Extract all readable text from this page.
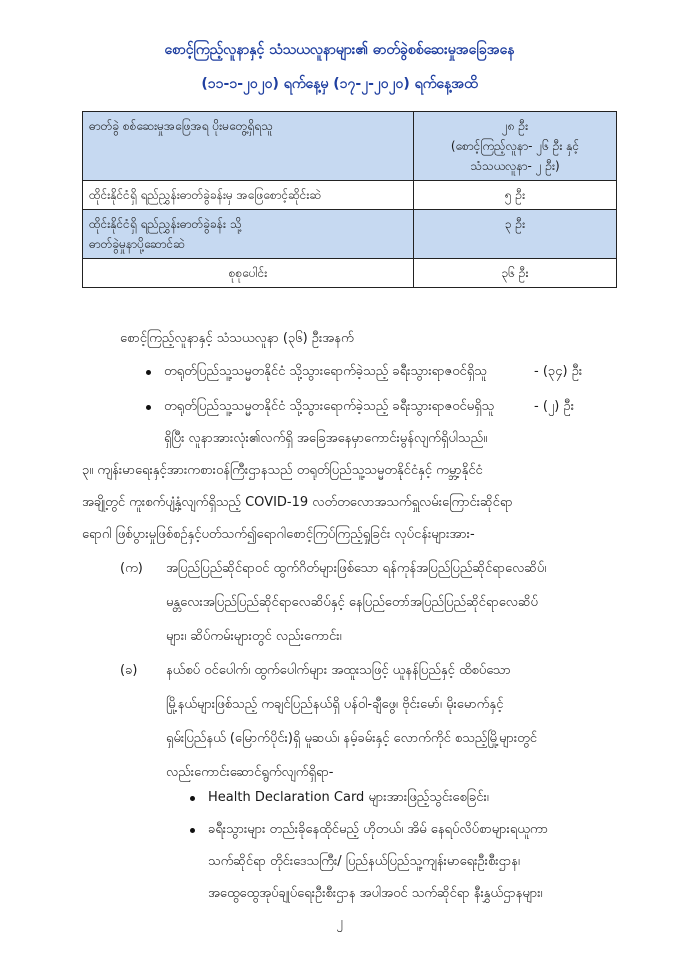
စောင့်ကြည့်လူနာနှင့် သံသယလူနာများ၏ ဓာတ်ခွဲစစ်ဆေးမှုအခြေအနေ
(၁၁-၁-၂၀၂၀) ရက်နေ့မှ (၁၇-၂-၂၀၂၀) ရက်နေ့အထိ
ဓာတ်ခွဲ စစ်ဆေးမှုအဖြေအရ ပိုးမတွေ့ရှိရသူ	၂၈ ဦး
(စောင့်ကြည့်လူနာ- ၂၆ ဦး နှင့်
သံသယလူနာ- ၂ ဦး)

ထိုင်းနိုင်ငံရှိ ရည်ညွှန်းဓာတ်ခွဲခန်းမှ အဖြေစောင့်ဆိုင်းဆဲ	၅ ဦး

ထိုင်းနိုင်ငံရှိ ရည်ညွှန်းဓာတ်ခွဲခန်း သို့
ဓာတ်ခွဲမှုနာပို့ဆောင်ဆဲ	၃ ဦး
စုစုပေါင်း	၃၆ ဦး
စောင့်ကြည့်လူနာနှင့် သံသယလူနာ (၃၆) ဦးအနက်
တရုတ်ပြည်သူ့သမ္မတနိုင်ငံ သို့သွားရောက်ခဲ့သည့် ခရီးသွားရာဇဝင်ရှိသူ	- (၃၄) ဦး
တရုတ်ပြည်သူ့သမ္မတနိုင်ငံ သို့သွားရောက်ခဲ့သည့် ခရီးသွားရာဇဝင်မရှိသူ	- (၂) ဦး
ရှိပြီး လူနာအားလုံး၏လက်ရှိ အခြေအနေမှာကောင်းမွန်လျက်ရှိပါသည်။
၃။ ကျန်းမာရေးနှင့်အားကစားဝန်ကြီးဌာနသည် တရုတ်ပြည်သူ့သမ္မတနိုင်ငံနှင့် ကမ္ဘာ့နိုင်ငံ
အချို့တွင် ကူးစက်ပျံ့နှံ့လျက်ရှိသည့် COVID-19 လတ်တလောအသက်ရှူလမ်းကြောင်းဆိုင်ရာ
ရောဂါ ဖြစ်ပွားမှုဖြစ်စဉ်နှင့်ပတ်သက်၍ရောဂါစောင့်ကြပ်ကြည့်ရှုခြင်း လုပ်ငန်းများအား-
(က) အပြည်ပြည်ဆိုင်ရာဝင် ထွက်ဂိတ်များဖြစ်သော ရန်ကုန်အပြည်ပြည်ဆိုင်ရာလေဆိပ်၊
မန္တလေးအပြည်ပြည်ဆိုင်ရာလေဆိပ်နှင့် နေပြည်တော်အပြည်ပြည်ဆိုင်ရာလေဆိပ်
များ၊ ဆိပ်ကမ်းများတွင် လည်းကောင်း၊
(ခ) နယ်စပ် ဝင်ပေါက်၊ ထွက်ပေါက်များ အထူးသဖြင့် ယူနန်ပြည်နှင့် ထိစပ်သော
မြို့နယ်များဖြစ်သည့် ကချင်ပြည်နယ်ရှိ ပန်ဝါ-ချီဖွေ၊ ဗိုင်းမော်၊ မိုးမောက်နှင့်
ရှမ်းပြည်နယ် (မြောက်ပိုင်း)ရှိ မူဆယ်၊ နမ့်ခမ်းနှင့် လောက်ကိုင် စသည့်မြို့များတွင်
လည်းကောင်းဆောင်ရွက်လျက်ရှိရာ-
Health Declaration Card များအားဖြည့်သွင်းစေခြင်း၊
ခရီးသွားများ တည်းခိုနေထိုင်မည့် ဟိုတယ်၊ အိမ် နေရပ်လိပ်စာများရယူကာ
သက်ဆိုင်ရာ တိုင်းဒေသကြီး/ ပြည်နယ်ပြည်သူ့ကျန်းမာရေးဦးစီးဌာန၊
အထွေထွေအုပ်ချုပ်ရေးဦးစီးဌာန အပါအဝင် သက်ဆိုင်ရာ နီးနွှယ်ဌာနများ၊
၂
